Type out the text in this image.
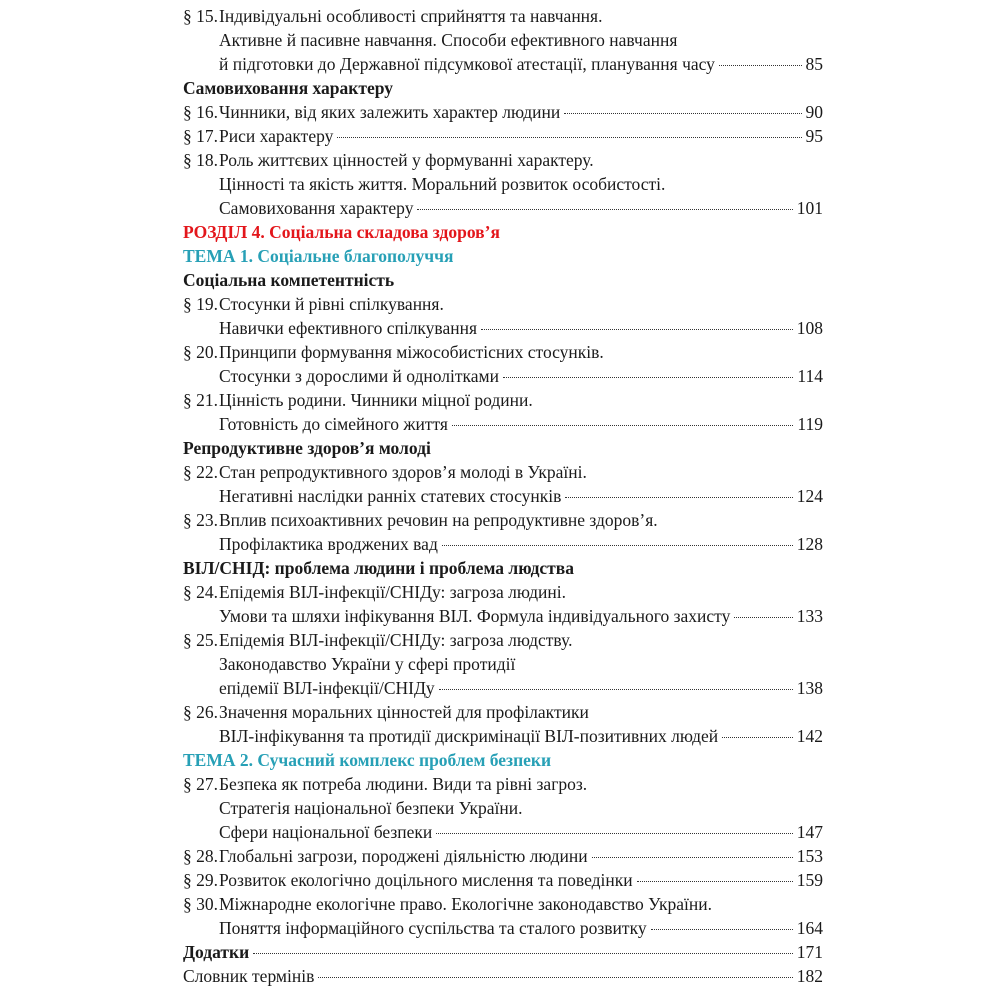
§ 15. Індивідуальні особливості сприйняття та навчання.
Активне й пасивне навчання. Способи ефективного навчання
й підготовки до Державної підсумкової атестації, планування часу	85
Самовиховання характеру
§ 16. Чинники, від яких залежить характер людини	90
§ 17. Риси характеру	95
§ 18. Роль життєвих цінностей у формуванні характеру.
Цінності та якість життя. Моральний розвиток особистості.
Самовиховання характеру	101
РОЗДІЛ 4. Соціальна складова здоров’я
ТЕМА 1. Соціальне благополуччя
Соціальна компетентність
§ 19. Стосунки й рівні спілкування.
Навички ефективного спілкування	108
§ 20. Принципи формування міжособистісних стосунків.
Стосунки з дорослими й однолітками	114
§ 21. Цінність родини. Чинники міцної родини.
Готовність до сімейного життя	119
Репродуктивне здоров’я молоді
§ 22. Стан репродуктивного здоров’я молоді в Україні.
Негативні наслідки ранніх статевих стосунків	124
§ 23. Вплив психоактивних речовин на репродуктивне здоров’я.
Профілактика вроджених вад	128
ВІЛ/СНІД: проблема людини і проблема людства
§ 24. Епідемія ВІЛ-інфекції/СНІДу: загроза людині.
Умови та шляхи інфікування ВІЛ. Формула індивідуального захисту	133
§ 25. Епідемія ВІЛ-інфекції/СНІДу: загроза людству.
Законодавство України у сфері протидії
епідемії ВІЛ-інфекції/СНІДу	138
§ 26. Значення моральних цінностей для профілактики
ВІЛ-інфікування та протидії дискримінації ВІЛ-позитивних людей	142
ТЕМА 2. Сучасний комплекс проблем безпеки
§ 27. Безпека як потреба людини. Види та рівні загроз.
Стратегія національної безпеки України.
Сфери національної безпеки	147
§ 28. Глобальні загрози, породжені діяльністю людини	153
§ 29. Розвиток екологічно доцільного мислення та поведінки	159
§ 30. Міжнародне екологічне право. Екологічне законодавство України.
Поняття інформаційного суспільства та сталого розвитку	164
Додатки	171
Словник термінів	182
